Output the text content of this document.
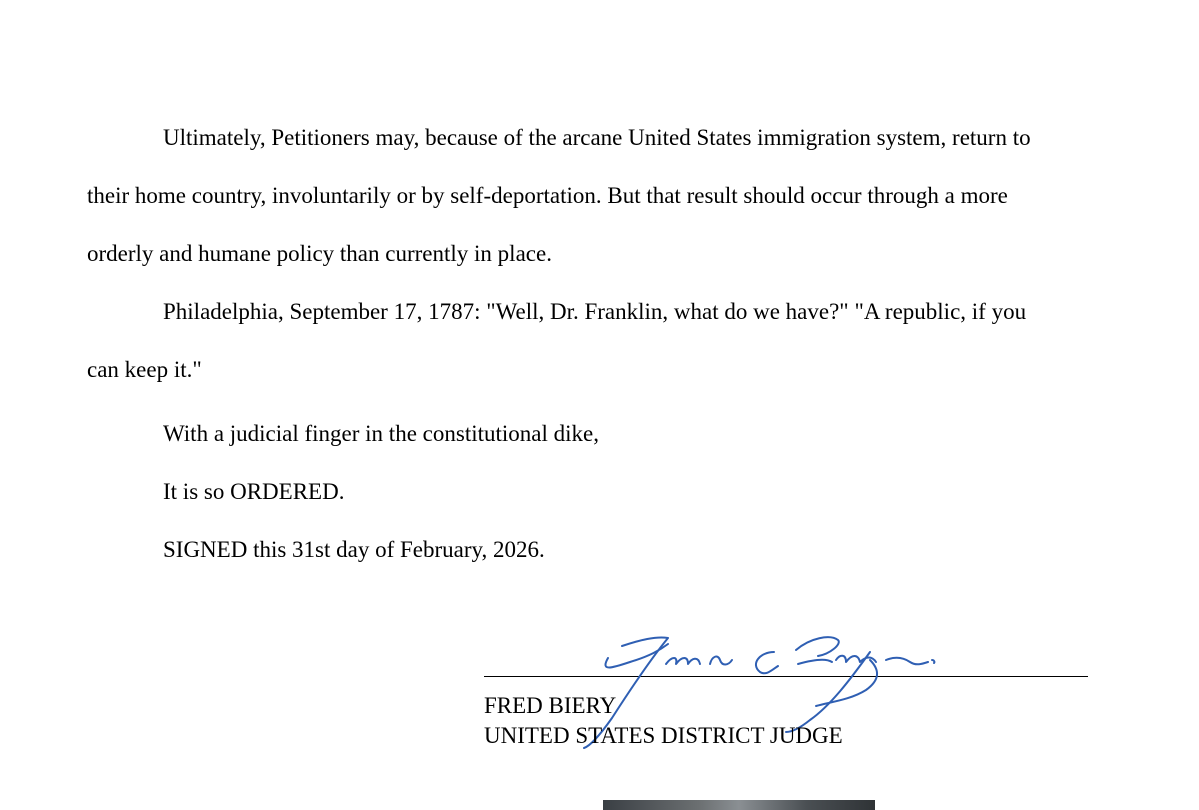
Ultimately, Petitioners may, because of the arcane United States immigration system, return to

their home country, involuntarily or by self-deportation. But that result should occur through a more

orderly and humane policy than currently in place.

Philadelphia, September 17, 1787: "Well, Dr. Franklin, what do we have?" "A republic, if you

can keep it."

With a judicial finger in the constitutional dike,

It is so ORDERED.

SIGNED this 31st day of February, 2026.

FRED BIERY

UNITED STATES DISTRICT JUDGE
